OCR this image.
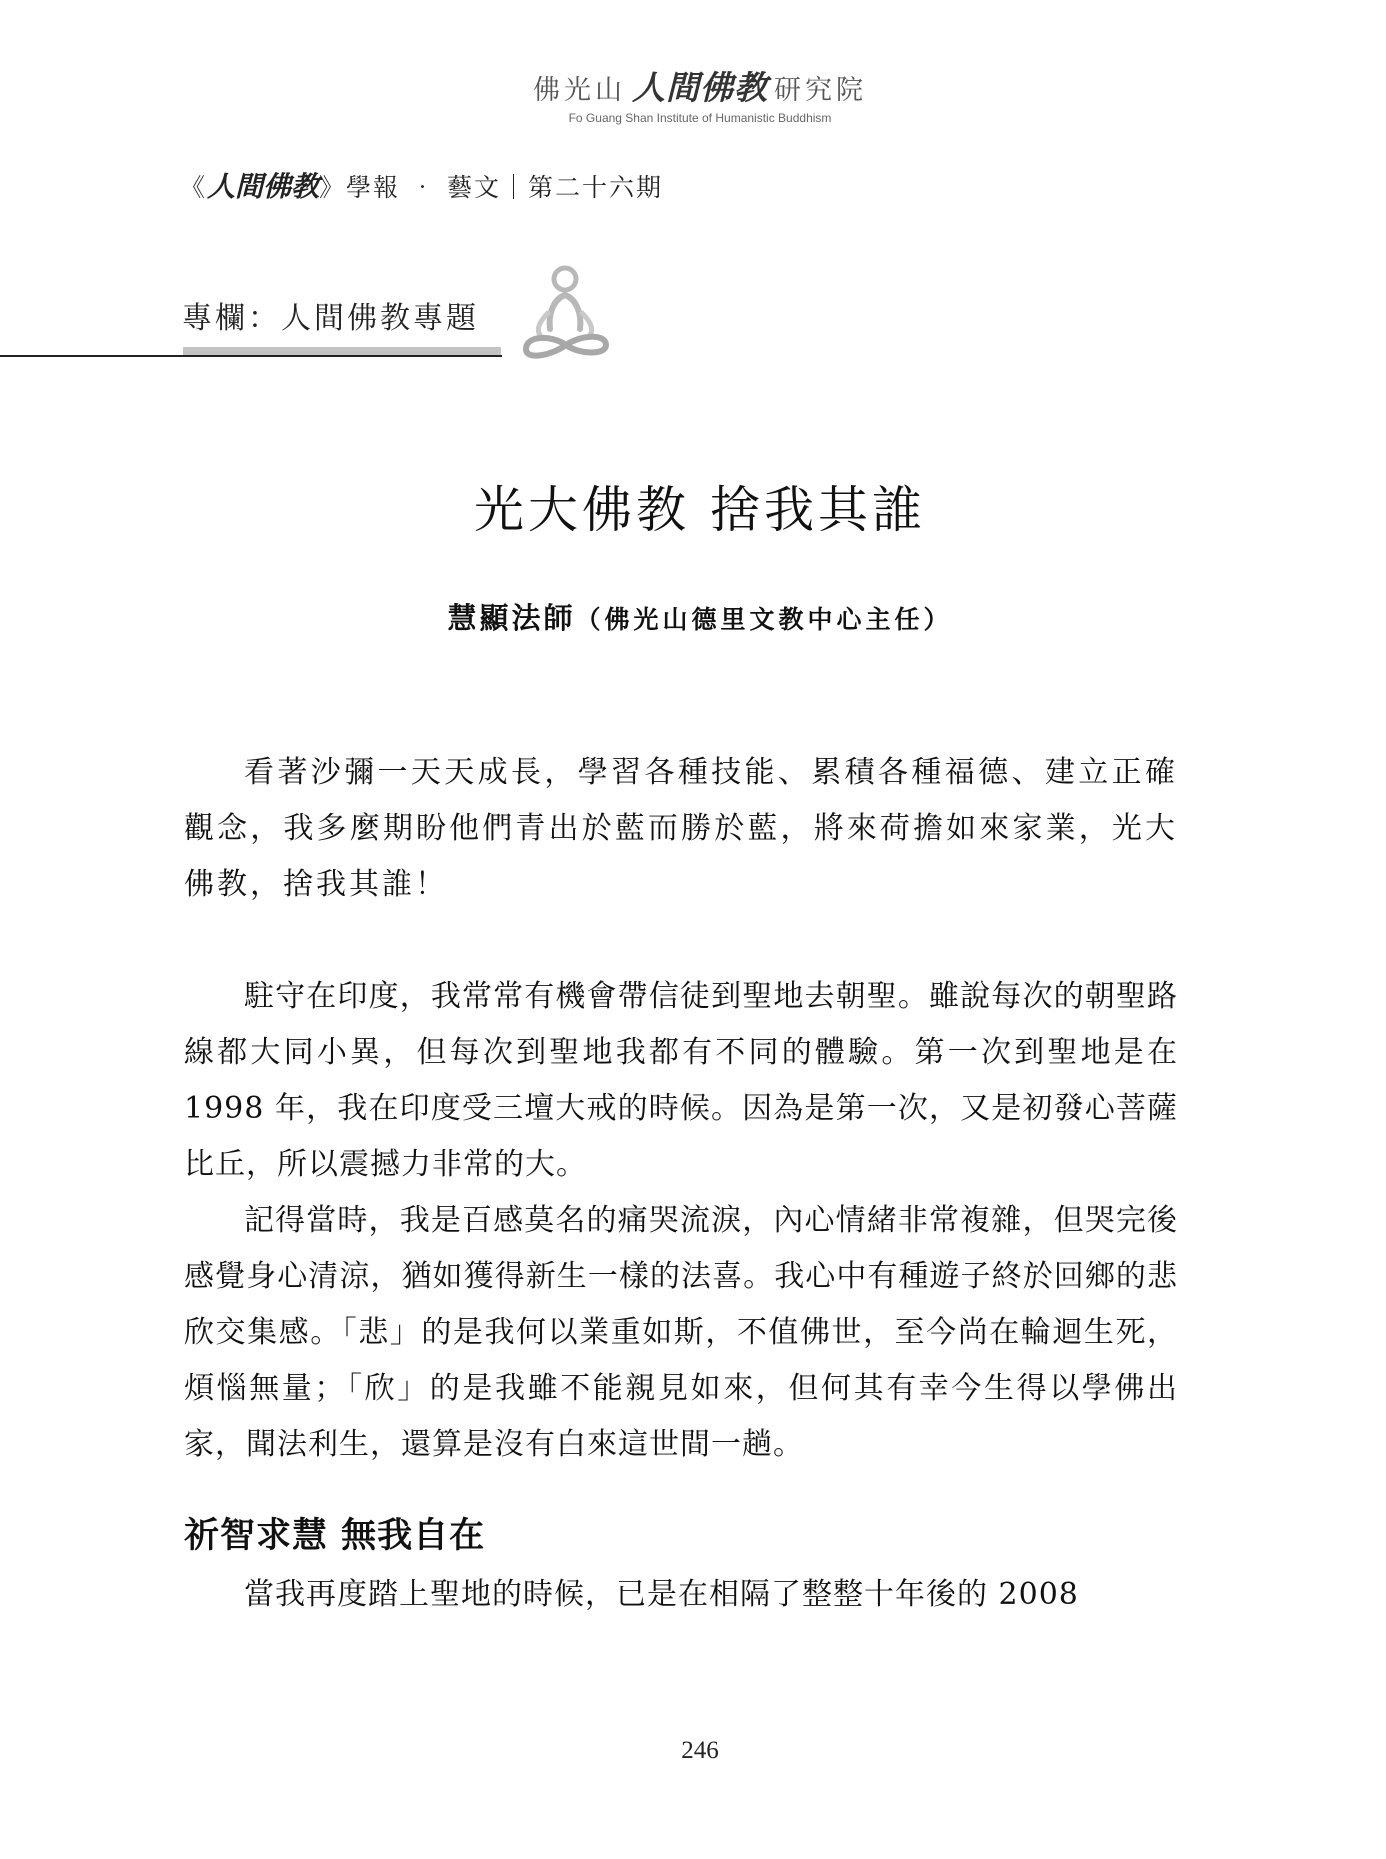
佛光山 人間佛教 研究院
Fo Guang Shan Institute of Humanistic Buddhism
《人間佛教》學報 ‧ 藝文｜第二十六期
專欄：人間佛教專題
光大佛教 捨我其誰
慧顯法師（佛光山德里文教中心主任）

看著沙彌一天天成長，學習各種技能、累積各種福德、建立正確觀念，我多麼期盼他們青出於藍而勝於藍，將來荷擔如來家業，光大佛教，捨我其誰！

駐守在印度，我常常有機會帶信徒到聖地去朝聖。雖說每次的朝聖路線都大同小異，但每次到聖地我都有不同的體驗。第一次到聖地是在 1998 年，我在印度受三壇大戒的時候。因為是第一次，又是初發心菩薩比丘，所以震撼力非常的大。

記得當時，我是百感莫名的痛哭流淚，內心情緒非常複雜，但哭完後感覺身心清涼，猶如獲得新生一樣的法喜。我心中有種遊子終於回鄉的悲欣交集感。「悲」的是我何以業重如斯，不值佛世，至今尚在輪迴生死，煩惱無量；「欣」的是我雖不能親見如來，但何其有幸今生得以學佛出家，聞法利生，還算是沒有白來這世間一趟。

祈智求慧 無我自在

當我再度踏上聖地的時候，已是在相隔了整整十年後的 2008

246
